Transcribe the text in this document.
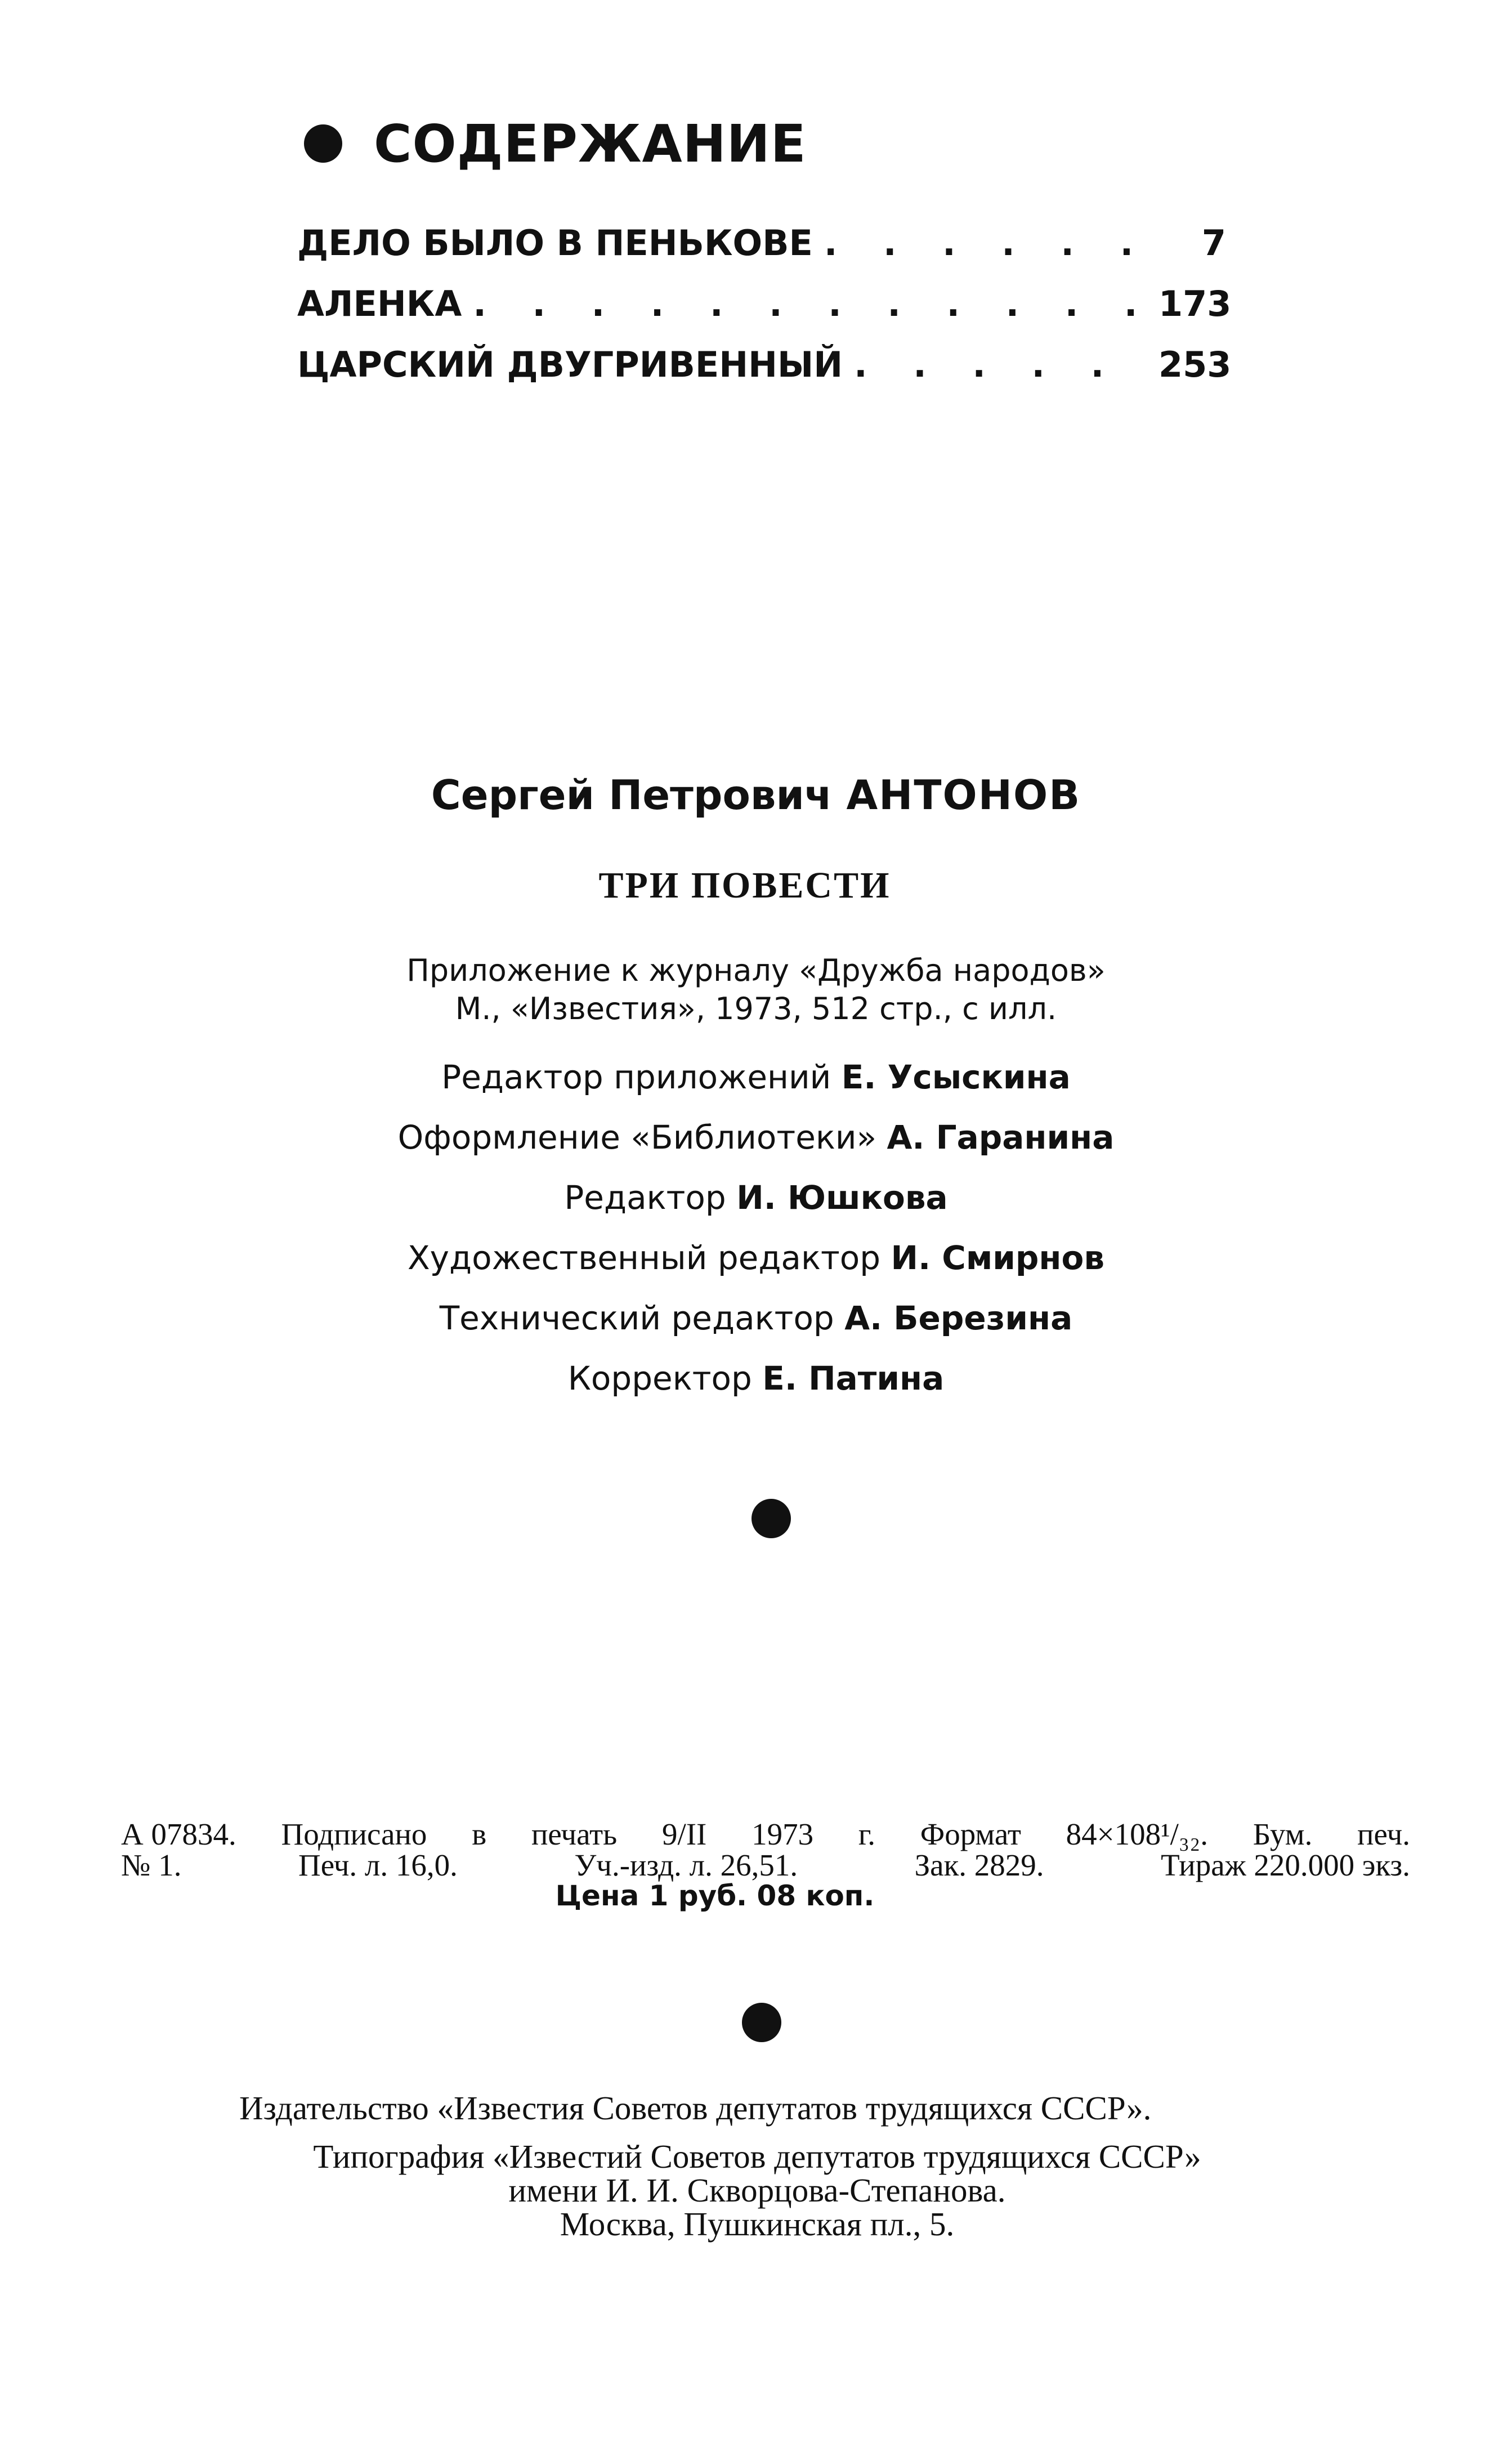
СОДЕРЖАНИЕ
ДЕЛО БЫЛО В ПЕНЬКОВЕ . . .	7
АЛЕНКА . . .	173
ЦАРСКИЙ ДВУГРИВЕННЫЙ . . .	253
Сергей Петрович АНТОНОВ
ТРИ ПОВЕСТИ
Приложение к журналу «Дружба народов»
М., «Известия», 1973, 512 стр., с илл.
Редактор приложений Е. Усыскина
Оформление «Библиотеки» А. Гаранина
Редактор И. Юшкова
Художественный редактор И. Смирнов
Технический редактор А. Березина
Корректор Е. Патина
А 07834. Подписано в печать 9/II 1973 г. Формат 84×108¹/₃₂. Бум. печ.
№ 1.	Печ. л. 16,0.	Уч.-изд. л. 26,51.	Зак. 2829.	Тираж 220.000 экз.
Цена 1 руб. 08 коп.
Издательство «Известия Советов депутатов трудящихся СССР».
Типография «Известий Советов депутатов трудящихся СССР»
имени И. И. Скворцова-Степанова.
Москва, Пушкинская пл., 5.
